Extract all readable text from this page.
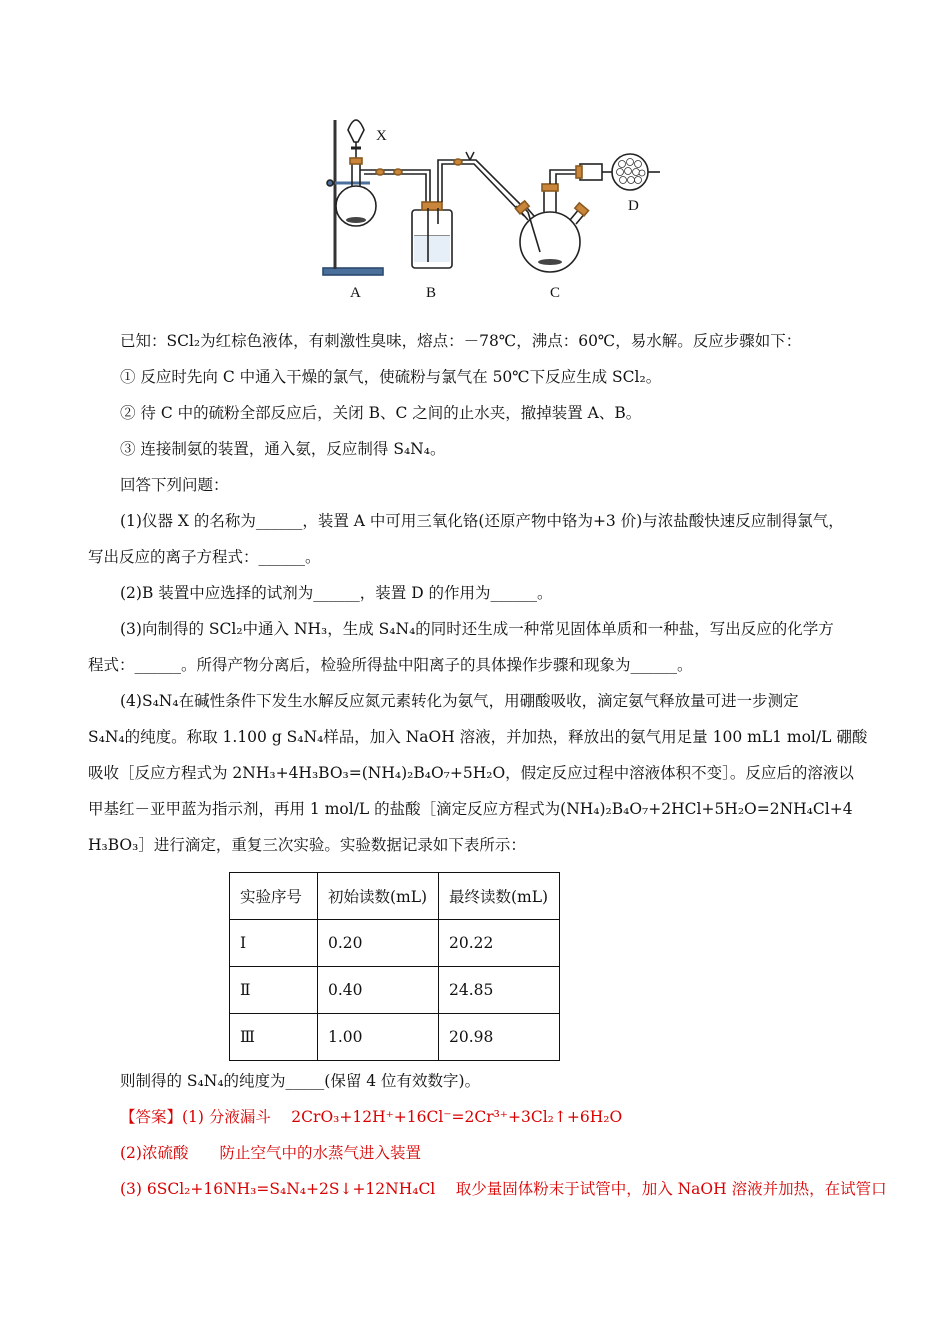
X
A	B	C
D
已知：SCl₂为红棕色液体，有刺激性臭味，熔点：－78℃，沸点：60℃，易水解。反应步骤如下：
① 反应时先向 C 中通入干燥的氯气，使硫粉与氯气在 50℃下反应生成 SCl₂。
② 待 C 中的硫粉全部反应后，关闭 B、C 之间的止水夹，撤掉装置 A、B。
③ 连接制氨的装置，通入氨，反应制得 S₄N₄。
回答下列问题：
(1)仪器 X 的名称为______，装置 A 中可用三氧化铬(还原产物中铬为+3 价)与浓盐酸快速反应制得氯气，
写出反应的离子方程式：______。
(2)B 装置中应选择的试剂为______，装置 D 的作用为______。
(3)向制得的 SCl₂中通入 NH₃，生成 S₄N₄的同时还生成一种常见固体单质和一种盐，写出反应的化学方
程式：______。所得产物分离后，检验所得盐中阳离子的具体操作步骤和现象为______。
(4)S₄N₄在碱性条件下发生水解反应氮元素转化为氨气，用硼酸吸收，滴定氨气释放量可进一步测定
S₄N₄的纯度。称取 1.100 g S₄N₄样品，加入 NaOH 溶液，并加热，释放出的氨气用足量 100 mL1 mol/L 硼酸
吸收［反应方程式为 2NH₃+4H₃BO₃=(NH₄)₂B₄O₇+5H₂O，假定反应过程中溶液体积不变］。反应后的溶液以
甲基红－亚甲蓝为指示剂，再用 1 mol/L 的盐酸［滴定反应方程式为(NH₄)₂B₄O₇+2HCl+5H₂O=2NH₄Cl+4
H₃BO₃］进行滴定，重复三次实验。实验数据记录如下表所示：
实验序号	初始读数(mL)	最终读数(mL)
Ⅰ	0.20	20.22
Ⅱ	0.40	24.85
Ⅲ	1.00	20.98
则制得的 S₄N₄的纯度为_____(保留 4 位有效数字)。
【答案】(1) 分液漏斗　 2CrO₃+12H⁺+16Cl⁻=2Cr³⁺+3Cl₂↑+6H₂O
(2)浓硫酸　　防止空气中的水蒸气进入装置
(3) 6SCl₂+16NH₃=S₄N₄+2S↓+12NH₄Cl　 取少量固体粉末于试管中，加入 NaOH 溶液并加热，在试管口
